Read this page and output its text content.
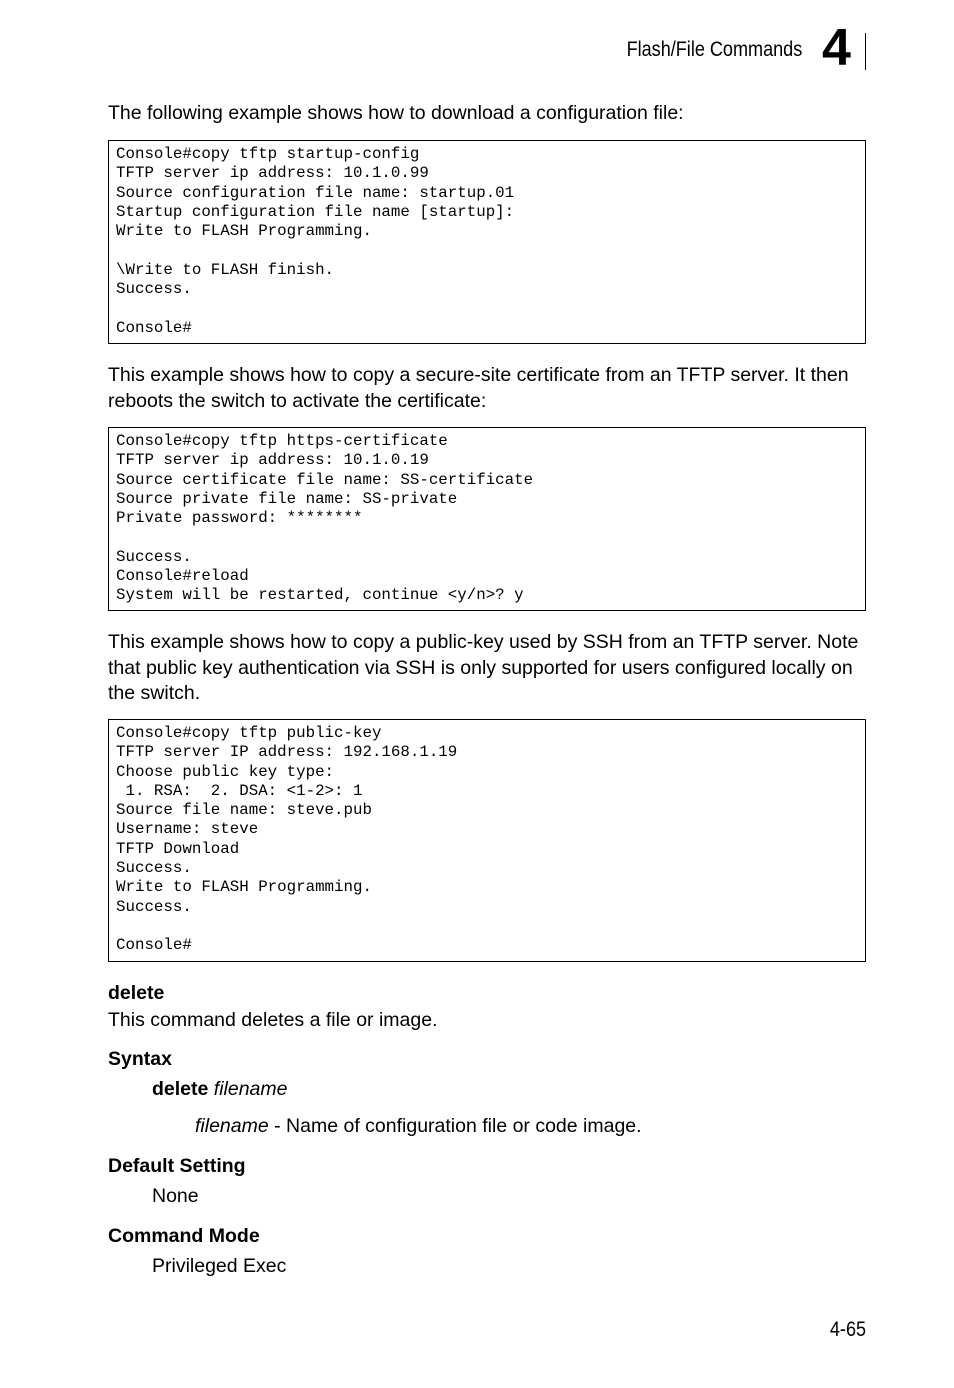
Flash/File Commands 4

The following example shows how to download a configuration file:

Console#copy tftp startup-config
TFTP server ip address: 10.1.0.99
Source configuration file name: startup.01
Startup configuration file name [startup]:
Write to FLASH Programming.

\Write to FLASH finish.
Success.

Console#

This example shows how to copy a secure-site certificate from an TFTP server. It then reboots the switch to activate the certificate:

Console#copy tftp https-certificate
TFTP server ip address: 10.1.0.19
Source certificate file name: SS-certificate
Source private file name: SS-private
Private password: ********

Success.
Console#reload
System will be restarted, continue <y/n>? y

This example shows how to copy a public-key used by SSH from an TFTP server. Note that public key authentication via SSH is only supported for users configured locally on the switch.

Console#copy tftp public-key
TFTP server IP address: 192.168.1.19
Choose public key type:
1. RSA:  2. DSA: <1-2>: 1
Source file name: steve.pub
Username: steve
TFTP Download
Success.
Write to FLASH Programming.
Success.

Console#

delete

This command deletes a file or image.

Syntax

delete filename

filename - Name of configuration file or code image.

Default Setting

None

Command Mode

Privileged Exec

4-65
